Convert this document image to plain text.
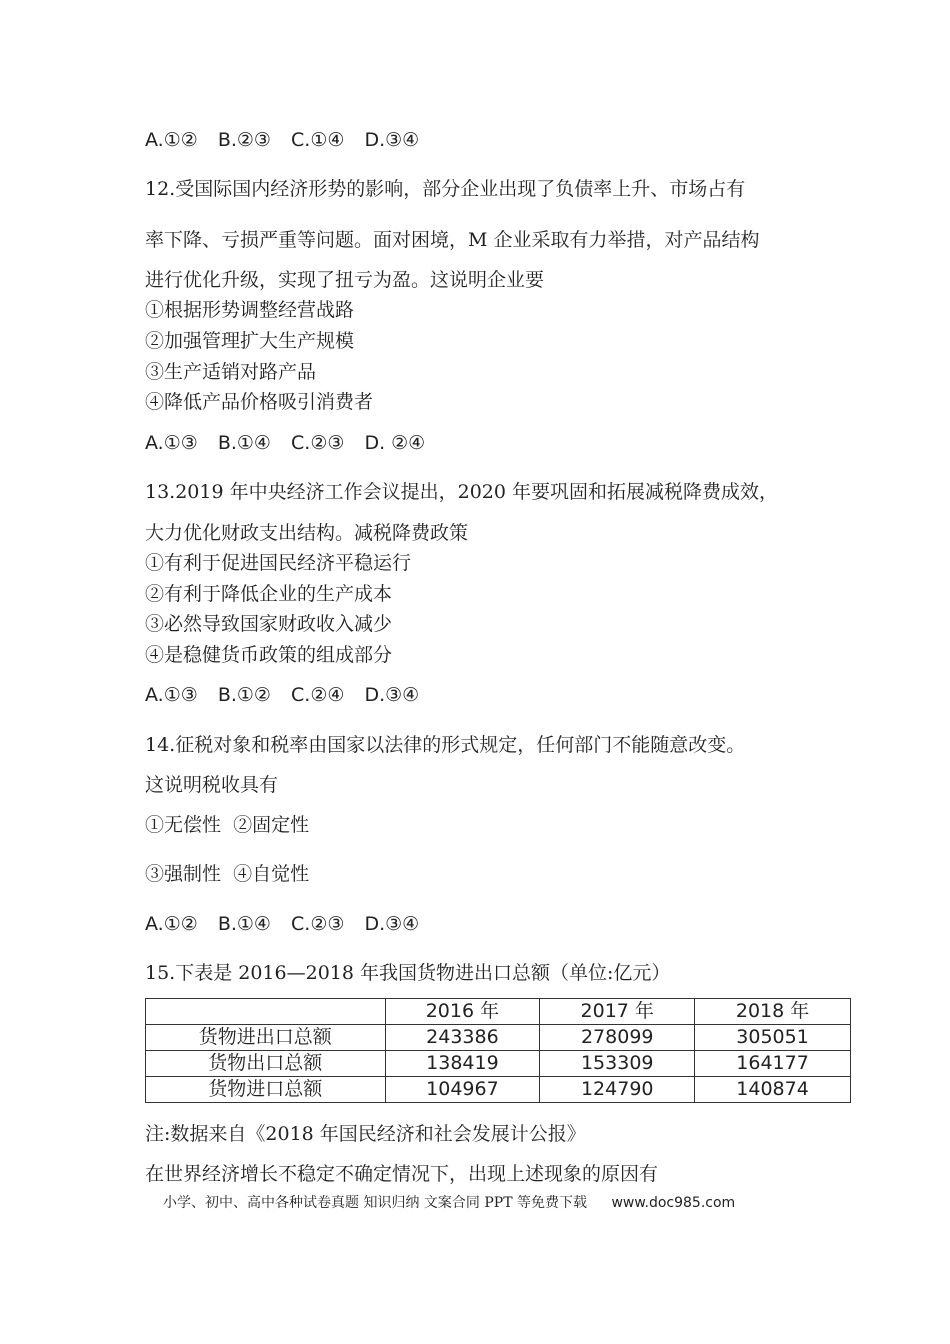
A.①② B.②③ C.①④ D.③④
12.受国际国内经济形势的影响，部分企业出现了负债率上升、市场占有
率下降、亏损严重等问题。面对困境，M 企业采取有力举措，对产品结构
进行优化升级，实现了扭亏为盈。这说明企业要
①根据形势调整经营战路
②加强管理扩大生产规模
③生产适销对路产品
④降低产品价格吸引消费者
A.①③ B.①④ C.②③ D. ②④
13.2019 年中央经济工作会议提出，2020 年要巩固和拓展减税降费成效，
大力优化财政支出结构。减税降费政策
①有利于促进国民经济平稳运行
②有利于降低企业的生产成本
③必然导致国家财政收入减少
④是稳健货币政策的组成部分
A.①③ B.①② C.②④ D.③④
14.征税对象和税率由国家以法律的形式规定，任何部门不能随意改变。
这说明税收具有
①无偿性  ②固定性
③强制性  ④自觉性
A.①② B.①④ C.②③ D.③④
15.下表是 2016—2018 年我国货物进出口总额（单位:亿元）
	2016 年	2017 年	2018 年
货物进出口总额	243386	278099	305051
货物出口总额	138419	153309	164177
货物进口总额	104967	124790	140874
注:数据来自《2018 年国民经济和社会发展计公报》
在世界经济增长不稳定不确定情况下，出现上述现象的原因有
小学、初中、高中各种试卷真题 知识归纳 文案合同 PPT 等免费下载 www.doc985.com
